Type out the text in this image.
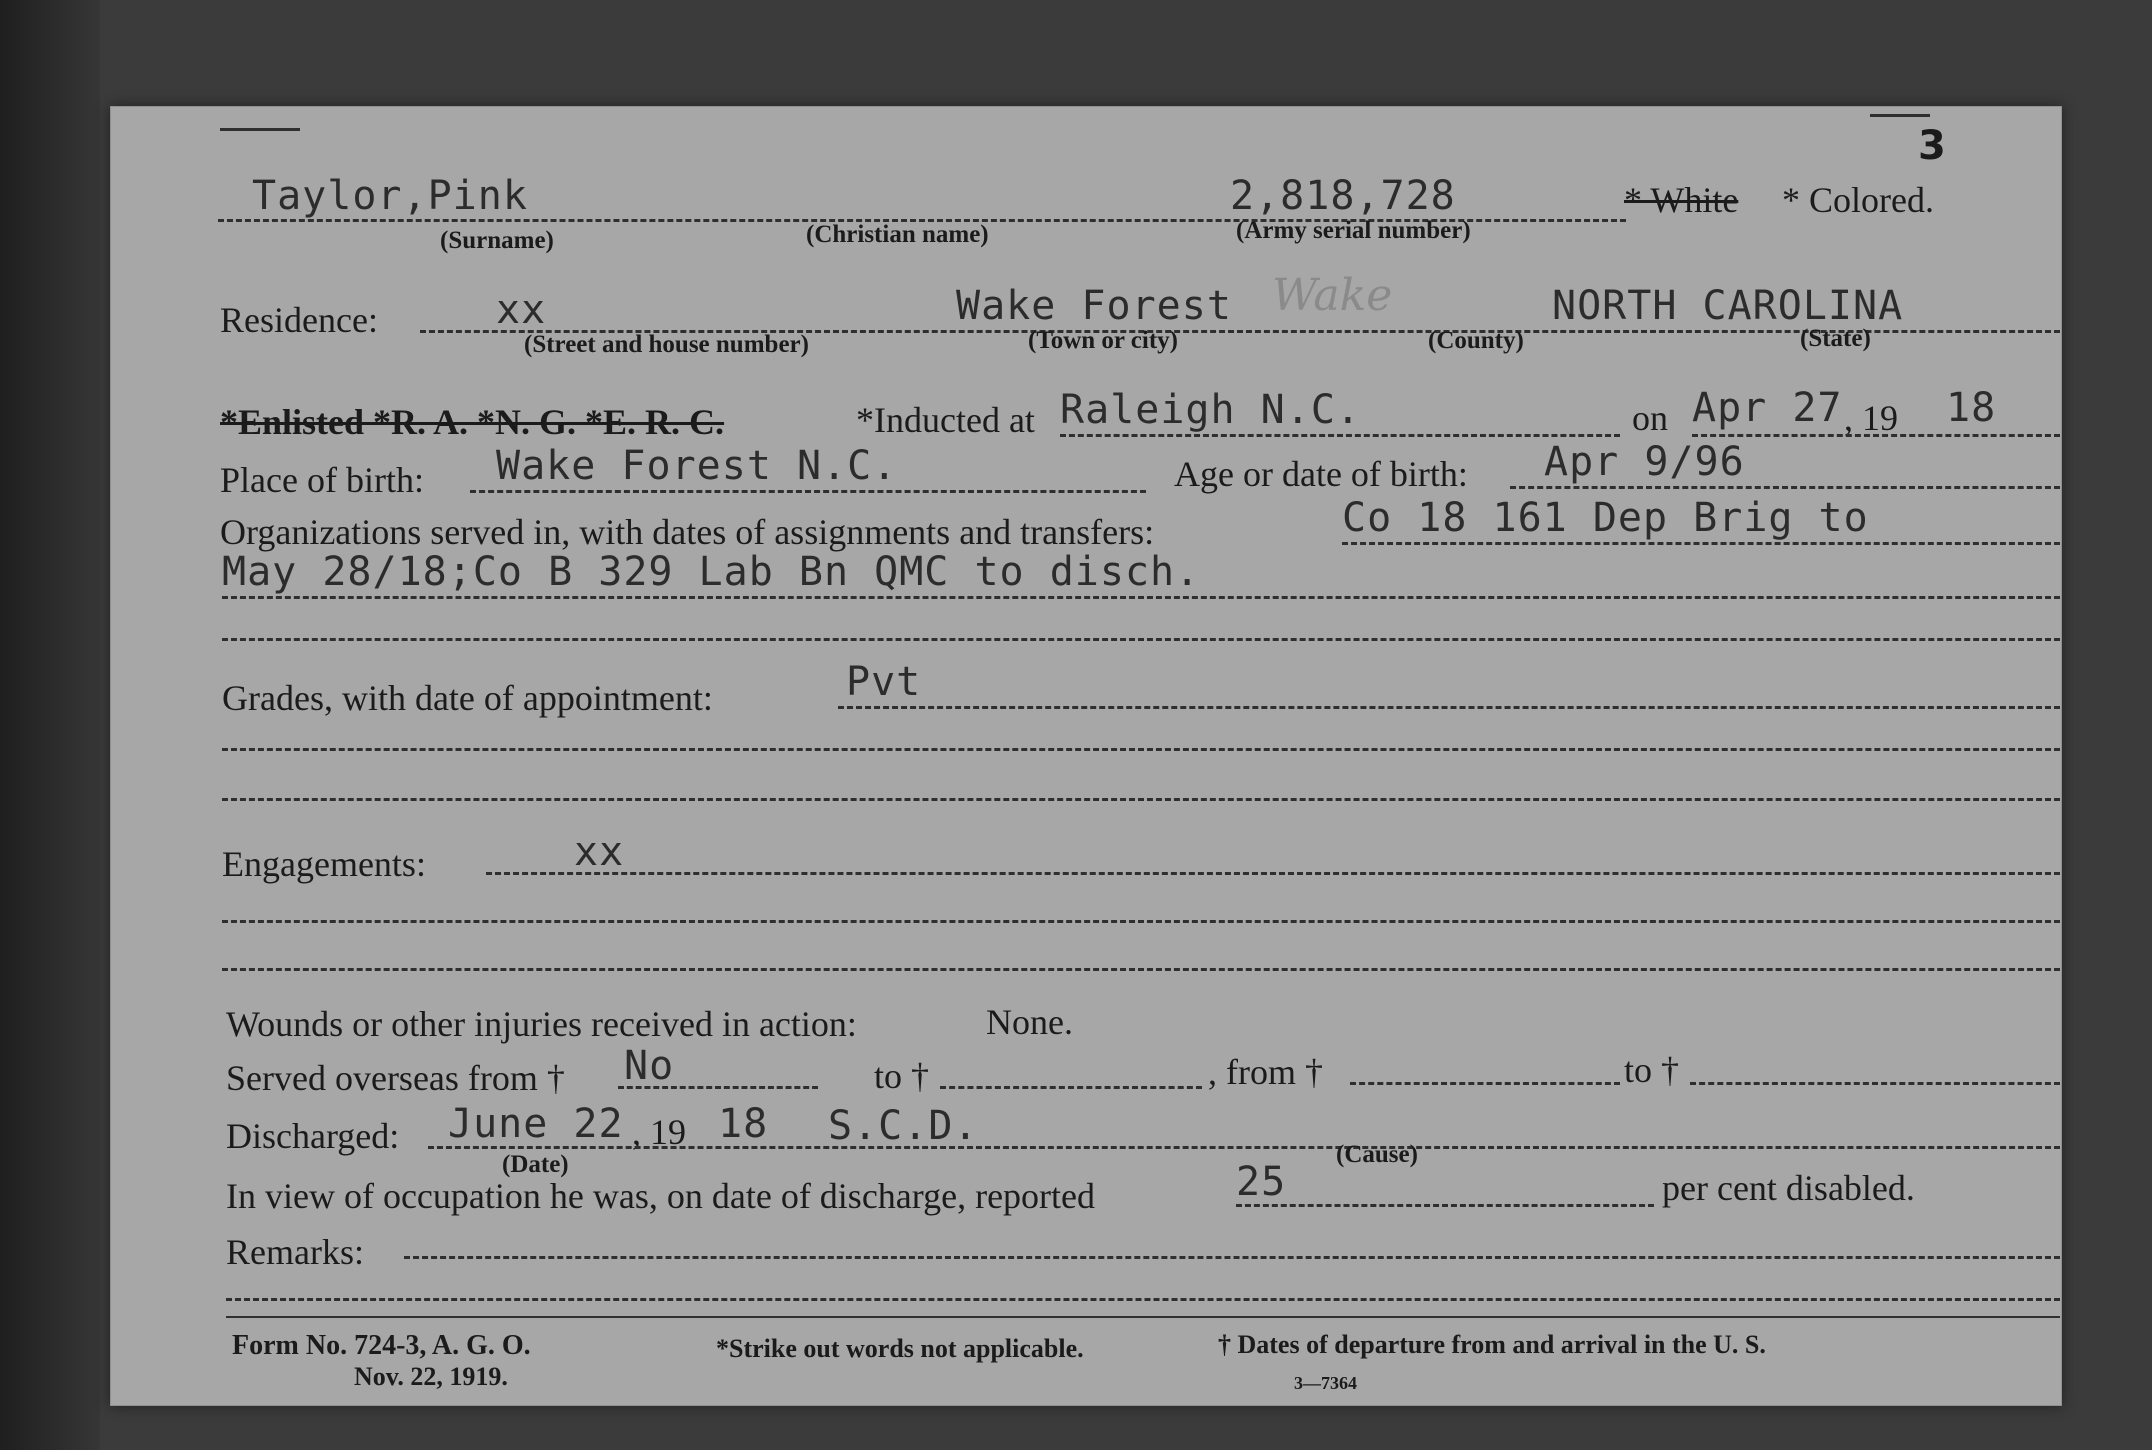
3
Taylor,Pink	2,818,728	* White * Colored.
(Surname)	(Christian name)	(Army serial number)
Residence:	xx	Wake Forest Wake	NORTH CAROLINA
(Street and house number)	(Town or city)	(County)	(State)
*Enlisted *R. A. *N. G. *E. R. C.	*Inducted at Raleigh N.C.	on Apr 27 , 19 18
Place of birth: Wake Forest N.C.	Age or date of birth: Apr 9/96
Organizations served in, with dates of assignments and transfers:	Co 18 161 Dep Brig to
May 28/18;Co B 329 Lab Bn QMC to disch.
Grades, with date of appointment:	Pvt
Engagements:	xx
Wounds or other injuries received in action:	None.
Served overseas from † No	to †	, from †	to †
Discharged: June 22 , 19 18 S.C.D.
(Date)	(Cause)
In view of occupation he was, on date of discharge, reported	25	per cent disabled.
Remarks:
Form No. 724-3, A. G. O.
Nov. 22, 1919.
*Strike out words not applicable.	† Dates of departure from and arrival in the U. S.
3—7364
